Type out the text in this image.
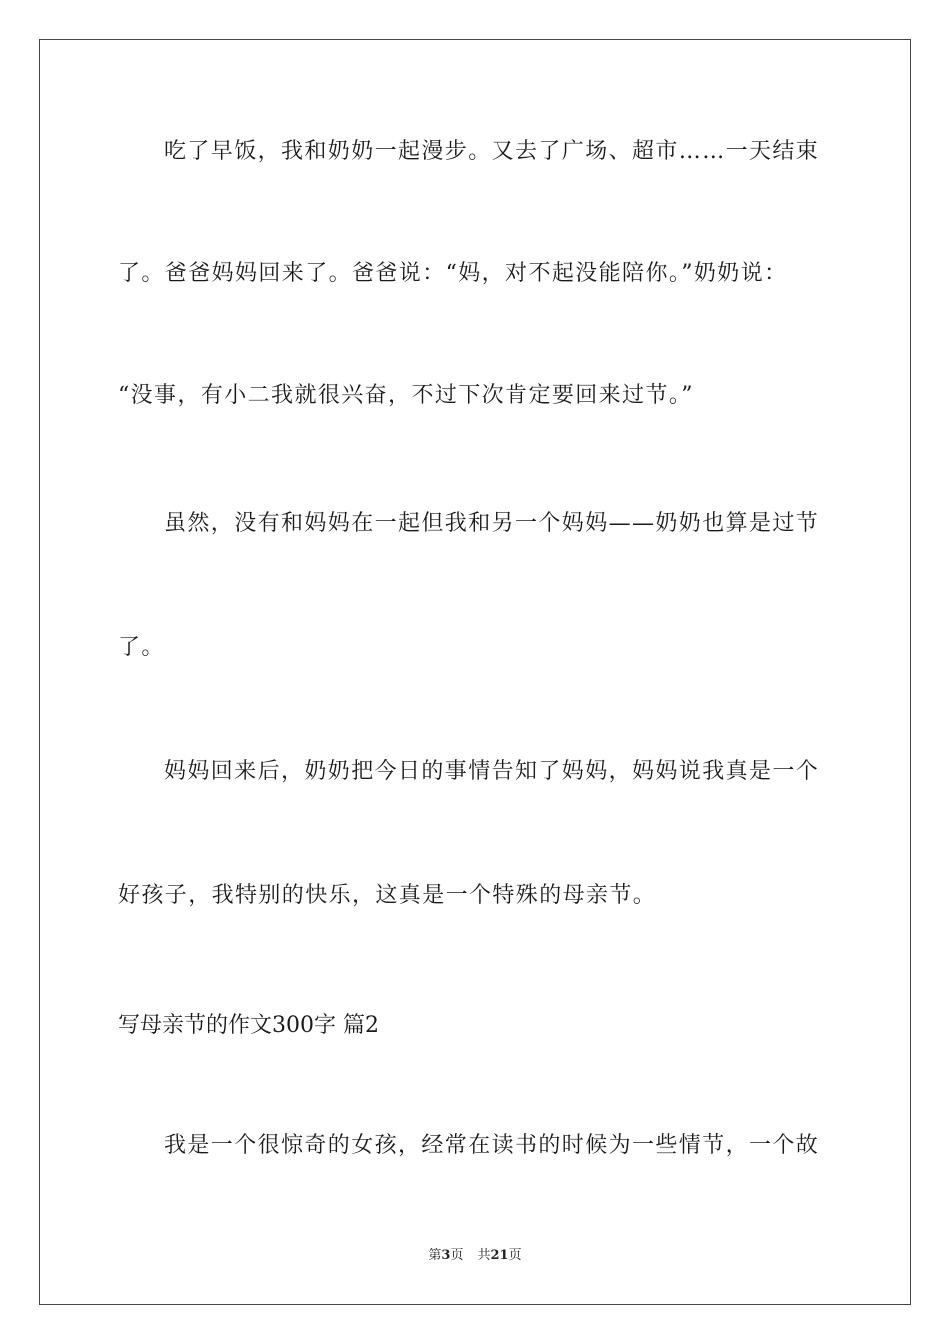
吃了早饭，我和奶奶一起漫步。又去了广场、超市……一天结束
了。爸爸妈妈回来了。爸爸说：“妈，对不起没能陪你。”奶奶说：
“没事，有小二我就很兴奋，不过下次肯定要回来过节。”
虽然，没有和妈妈在一起但我和另一个妈妈——奶奶也算是过节
了。
妈妈回来后，奶奶把今日的事情告知了妈妈，妈妈说我真是一个
好孩子，我特别的快乐，这真是一个特殊的母亲节。
写母亲节的作文300字 篇2
我是一个很惊奇的女孩，经常在读书的时候为一些情节，一个故
第3页 共21页
